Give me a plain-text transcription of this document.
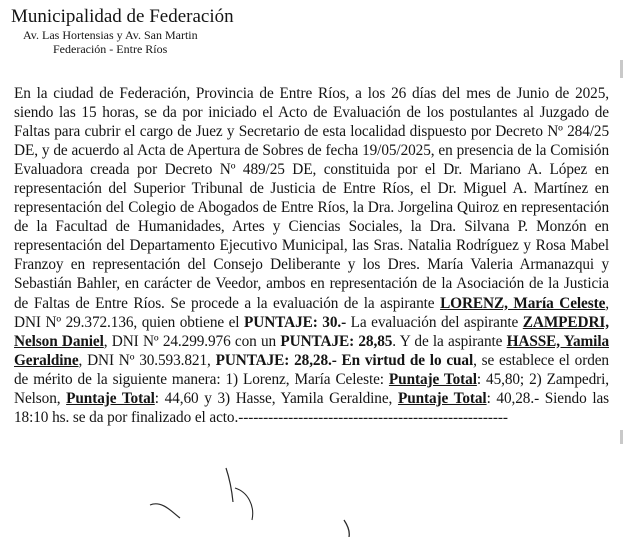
Municipalidad de Federación
Av. Las Hortensias y Av. San Martin
Federación - Entre Ríos
En la ciudad de Federación, Provincia de Entre Ríos, a los 26 días del mes de Junio de 2025, siendo las 15 horas, se da por iniciado el Acto de Evaluación de los postulantes al Juzgado de Faltas para cubrir el cargo de Juez y Secretario de esta localidad dispuesto por Decreto Nº 284/25 DE, y de acuerdo al Acta de Apertura de Sobres de fecha 19/05/2025, en presencia de la Comisión Evaluadora creada por Decreto Nº 489/25 DE, constituida por el Dr. Mariano A. López en representación del Superior Tribunal de Justicia de Entre Ríos, el Dr. Miguel A. Martínez en representación del Colegio de Abogados de Entre Ríos, la Dra. Jorgelina Quiroz en representación de la Facultad de Humanidades, Artes y Ciencias Sociales, la Dra. Silvana P. Monzón en representación del Departamento Ejecutivo Municipal, las Sras. Natalia Rodríguez y Rosa Mabel Franzoy en representación del Consejo Deliberante y los Dres. María Valeria Armanazqui y Sebastián Bahler, en carácter de Veedor, ambos en representación de la Asociación de la Justicia de Faltas de Entre Ríos. Se procede a la evaluación de la aspirante LORENZ, María Celeste, DNI Nº 29.372.136, quien obtiene el PUNTAJE: 30.- La evaluación del aspirante ZAMPEDRI, Nelson Daniel, DNI Nº 24.299.976 con un PUNTAJE: 28,85. Y de la aspirante HASSE, Yamila Geraldine, DNI Nº 30.593.821, PUNTAJE: 28,28.- En virtud de lo cual, se establece el orden de mérito de la siguiente manera: 1) Lorenz, María Celeste: Puntaje Total: 45,80; 2) Zampedri, Nelson, Puntaje Total: 44,60 y 3) Hasse, Yamila Geraldine, Puntaje Total: 40,28.- Siendo las 18:10 hs. se da por finalizado el acto.------------------------------------------------------
